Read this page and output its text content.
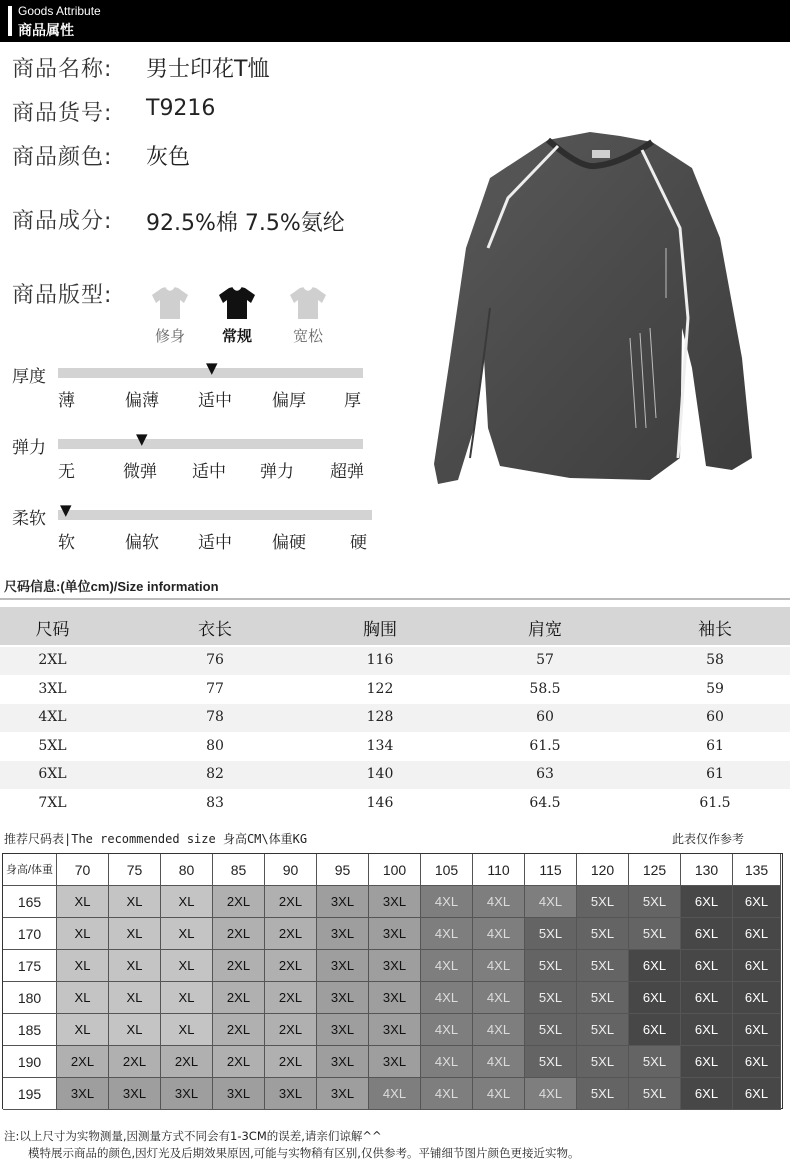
Goods Attribute
商品属性
商品名称: 男士印花T恤
商品货号: T9216
商品颜色: 灰色
商品成分: 92.5%棉 7.5%氨纶
商品版型:
修身	常规	宽松
厚度	▼
薄	偏薄 适中 偏厚 厚
弹力	▼
无	微弹 适中 弹力 超弹
柔软 ▼
软	偏软 适中 偏硬	硬
尺码信息:(单位cm)/Size information
尺码	衣长	胸围	肩宽	袖长
2XL	76	116	57	58
3XL	77	122	58.5	59
4XL	78	128	60	60
5XL	80	134	61.5	61
6XL	82	140	63	61
7XL	83	146	64.5	61.5
推荐尺码表|The recommended size 身高CM\体重KG	此表仅作参考
身高/体重	70	75	80	85	90	95	100	105	110	115	120	125	130	135
165	XL	XL	XL	2XL	2XL	3XL	3XL	4XL	4XL	4XL	5XL	5XL	6XL	6XL
170	XL	XL	XL	2XL	2XL	3XL	3XL	4XL	4XL	5XL	5XL	5XL	6XL	6XL
175	XL	XL	XL	2XL	2XL	3XL	3XL	4XL	4XL	5XL	5XL	6XL	6XL	6XL
180	XL	XL	XL	2XL	2XL	3XL	3XL	4XL	4XL	5XL	5XL	6XL	6XL	6XL
185	XL	XL	XL	2XL	2XL	3XL	3XL	4XL	4XL	5XL	5XL	6XL	6XL	6XL
190	2XL	2XL	2XL	2XL	2XL	3XL	3XL	4XL	4XL	5XL	5XL	5XL	6XL	6XL
195	3XL	3XL	3XL	3XL	3XL	3XL	4XL	4XL	4XL	4XL	5XL	5XL	6XL	6XL
注:以上尺寸为实物测量,因测量方式不同会有1-3CM的误差,请亲们谅解^^
模特展示商品的颜色,因灯光及后期效果原因,可能与实物稍有区别,仅供参考。平铺细节图片颜色更接近实物。
